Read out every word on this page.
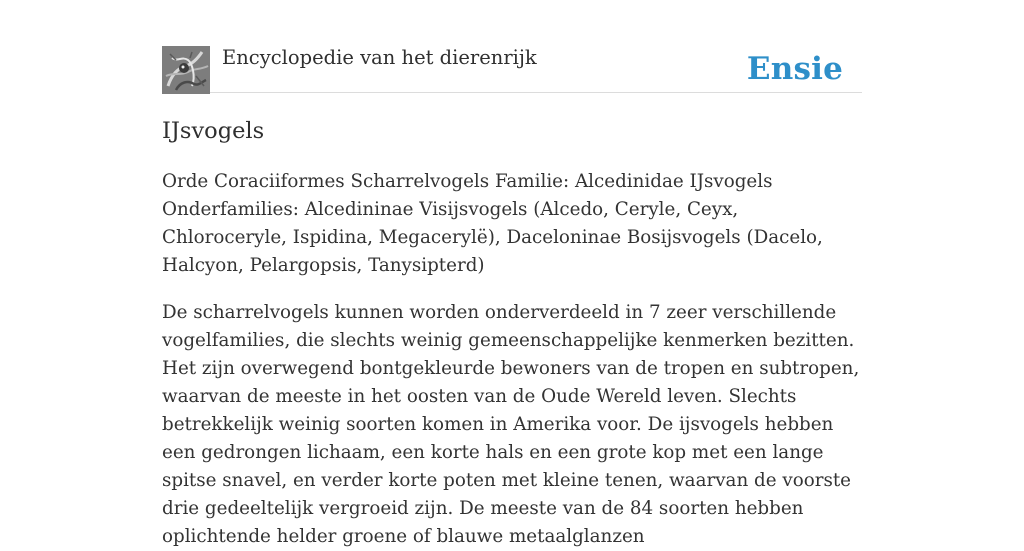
Encyclopedie van het dierenrijk	Ensie
IJsvogels

Orde Coraciiformes Scharrelvogels Familie: Alcedinidae IJsvogels Onderfamilies: Alcedininae Visijsvogels (Alcedo, Ceryle, Ceyx, Chloroceryle, Ispidina, Megacerylë), Daceloninae Bosijsvogels (Dacelo, Halcyon, Pelargopsis, Tanysipterd)

De scharrelvogels kunnen worden onderverdeeld in 7 zeer verschillende vogelfamilies, die slechts weinig gemeenschappelijke kenmerken bezitten. Het zijn overwegend bontgekleurde bewoners van de tropen en subtropen, waarvan de meeste in het oosten van de Oude Wereld leven. Slechts betrekkelijk weinig soorten komen in Amerika voor. De ijsvogels hebben een gedrongen lichaam, een korte hals en een grote kop met een lange spitse snavel, en verder korte poten met kleine tenen, waarvan de voorste drie gedeeltelijk vergroeid zijn. De meeste van de 84 soorten hebben oplichtende helder groene of blauwe metaalglanzen
